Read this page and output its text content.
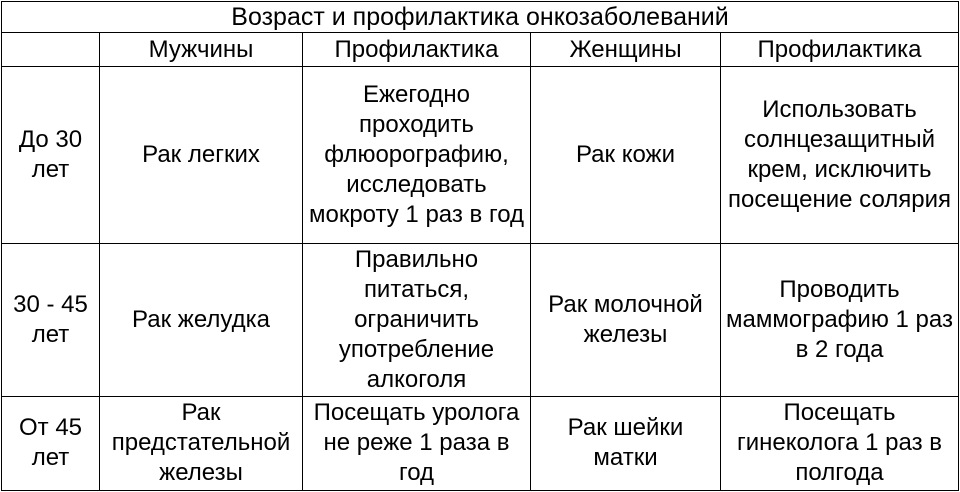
Возраст и профилактика онкозаболеваний				
	Мужчины	Профилактика	Женщины	Профилактика
До 30 лет	Рак легких	Ежегодно проходить флюорографию, исследовать мокроту 1 раз в год	Рак кожи	Использовать солнцезащитный крем, исключить посещение солярия
30 - 45 лет	Рак желудка	Правильно питаться, ограничить употребление алкоголя	Рак молочной железы	Проводить маммографию 1 раз в 2 года
От 45 лет	Рак предстательной железы	Посещать уролога не реже 1 раза в год	Рак шейки матки	Посещать гинеколога 1 раз в полгода
